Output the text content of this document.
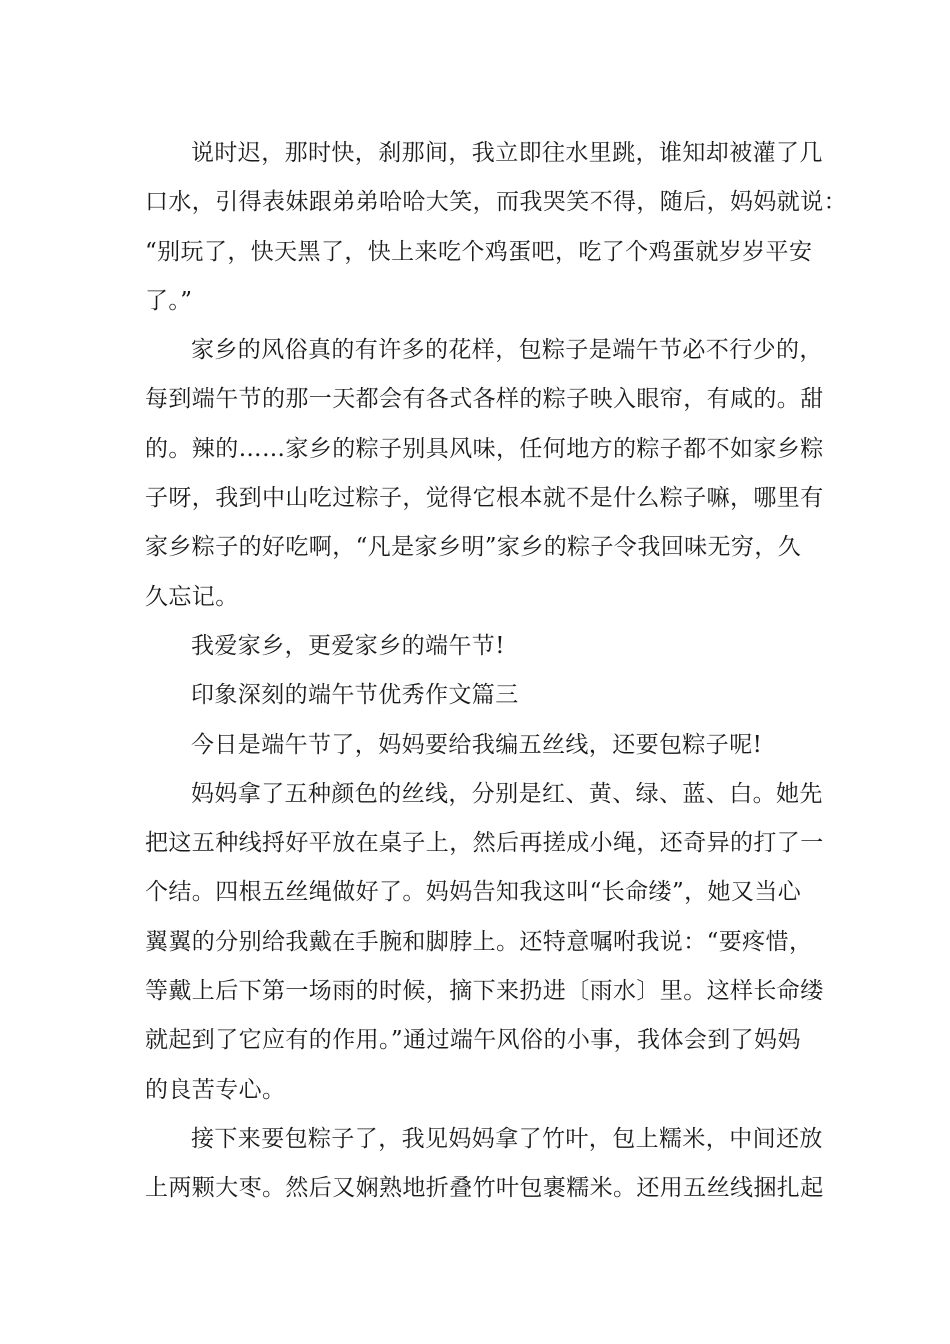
说时迟，那时快，刹那间，我立即往水里跳，谁知却被灌了几
口水，引得表妹跟弟弟哈哈大笑，而我哭笑不得，随后，妈妈就说：
“别玩了，快天黑了，快上来吃个鸡蛋吧，吃了个鸡蛋就岁岁平安
了。”
家乡的风俗真的有许多的花样，包粽子是端午节必不行少的，
每到端午节的那一天都会有各式各样的粽子映入眼帘，有咸的。甜
的。辣的……家乡的粽子别具风味，任何地方的粽子都不如家乡粽
子呀，我到中山吃过粽子，觉得它根本就不是什么粽子嘛，哪里有
家乡粽子的好吃啊，“凡是家乡明”家乡的粽子令我回味无穷，久
久忘记。
我爱家乡，更爱家乡的端午节!
印象深刻的端午节优秀作文篇三
今日是端午节了，妈妈要给我编五丝线，还要包粽子呢!
妈妈拿了五种颜色的丝线，分别是红、黄、绿、蓝、白。她先
把这五种线捋好平放在桌子上，然后再搓成小绳，还奇异的打了一
个结。四根五丝绳做好了。妈妈告知我这叫“长命缕”，她又当心
翼翼的分别给我戴在手腕和脚脖上。还特意嘱咐我说：“要疼惜，
等戴上后下第一场雨的时候，摘下来扔进〔雨水〕里。这样长命缕
就起到了它应有的作用。”通过端午风俗的小事，我体会到了妈妈
的良苦专心。
接下来要包粽子了，我见妈妈拿了竹叶，包上糯米，中间还放
上两颗大枣。然后又娴熟地折叠竹叶包裹糯米。还用五丝线捆扎起
